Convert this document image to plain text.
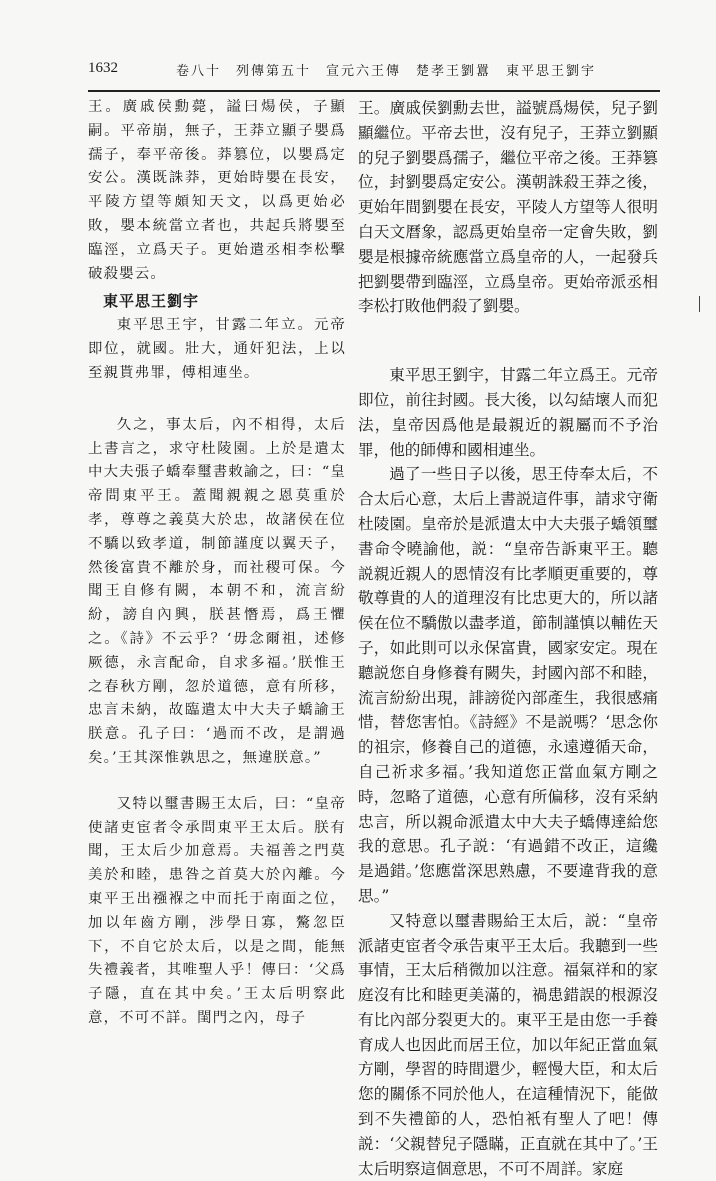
1632	卷八十　列傳第五十　宣元六王傳　楚孝王劉囂　東平思王劉宇

王。廣戚侯勳薨，謚曰煬侯，子顯嗣。平帝崩，無子，王莽立顯子嬰爲孺子，奉平帝後。莽篡位，以嬰爲定安公。漢既誅莽，更始時嬰在長安，平陵方望等頗知天文，以爲更始必敗，嬰本統當立者也，共起兵將嬰至臨涇，立爲天子。更始遣丞相李松擊破殺嬰云。

東平思王劉宇

東平思王宇，甘露二年立。元帝即位，就國。壯大，通奸犯法，上以至親貰弗罪，傅相連坐。

久之，事太后，內不相得，太后上書言之，求守杜陵園。上於是遣太中大夫張子蟜奉璽書敕諭之，曰：“皇帝問東平王。蓋聞親親之恩莫重於孝，尊尊之義莫大於忠，故諸侯在位不驕以致孝道，制節謹度以翼天子，然後富貴不離於身，而社稷可保。今聞王自修有闕，本朝不和，流言紛紛，謗自內興，朕甚憯焉，爲王懼之。《詩》不云乎？‘毋念爾祖，述修厥德，永言配命，自求多福。’朕惟王之春秋方剛，忽於道德，意有所移，忠言未納，故臨遣太中大夫子蟜諭王朕意。孔子曰：‘過而不改，是謂過矣。’王其深惟孰思之，無違朕意。”

又特以璽書賜王太后，曰：“皇帝使諸吏宦者令承問東平王太后。朕有聞，王太后少加意焉。夫福善之門莫美於和睦，患咎之首莫大於內離。今東平王出襁褓之中而托于南面之位，加以年齒方剛，涉學日寡，驁忽臣下，不自它於太后，以是之間，能無失禮義者，其唯聖人乎！傳曰：‘父爲子隱，直在其中矣。’王太后明察此意，不可不詳。閨門之內，母子

王。廣戚侯劉勳去世，謚號爲煬侯，兒子劉顯繼位。平帝去世，沒有兒子，王莽立劉顯的兒子劉嬰爲孺子，繼位平帝之後。王莽篡位，封劉嬰爲定安公。漢朝誅殺王莽之後，更始年間劉嬰在長安，平陵人方望等人很明白天文曆象，認爲更始皇帝一定會失敗，劉嬰是根據帝統應當立爲皇帝的人，一起發兵把劉嬰帶到臨涇，立爲皇帝。更始帝派丞相李松打敗他們殺了劉嬰。

東平思王劉宇，甘露二年立爲王。元帝即位，前往封國。長大後，以勾結壞人而犯法，皇帝因爲他是最親近的親屬而不予治罪，他的師傅和國相連坐。

過了一些日子以後，思王侍奉太后，不合太后心意，太后上書説這件事，請求守衛杜陵園。皇帝於是派遣太中大夫張子蟜領璽書命令曉諭他，説：“皇帝告訴東平王。聽説親近親人的恩情沒有比孝順更重要的，尊敬尊貴的人的道理沒有比忠更大的，所以諸侯在位不驕傲以盡孝道，節制謹慎以輔佐天子，如此則可以永保富貴，國家安定。現在聽説您自身修養有闕失，封國內部不和睦，流言紛紛出現，誹謗從內部產生，我很感痛惜，替您害怕。《詩經》不是説嗎？‘思念你的祖宗，修養自己的道德，永遠遵循天命，自己祈求多福。’我知道您正當血氣方剛之時，忽略了道德，心意有所偏移，沒有采納忠言，所以親命派遣太中大夫子蟜傳達給您我的意思。孔子説：‘有過錯不改正，這纔是過錯。’您應當深思熟慮，不要違背我的意思。”

又特意以璽書賜給王太后，説：“皇帝派諸吏宦者令承告東平王太后。我聽到一些事情，王太后稍微加以注意。福氣祥和的家庭沒有比和睦更美滿的，禍患錯誤的根源沒有比內部分裂更大的。東平王是由您一手養育成人也因此而居王位，加以年紀正當血氣方剛，學習的時間還少，輕慢大臣，和太后您的關係不同於他人，在這種情況下，能做到不失禮節的人，恐怕衹有聖人了吧！傳説：‘父親替兒子隱瞞，正直就在其中了。’王太后明察這個意思，不可不周詳。家庭
